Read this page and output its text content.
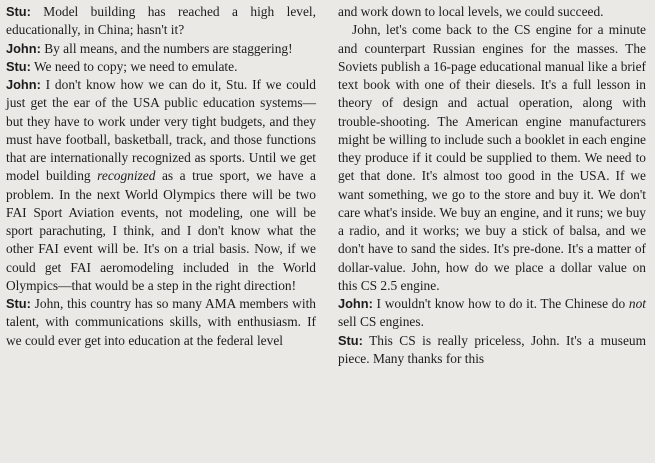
Stu: Model building has reached a high level, educationally, in China; hasn't it?

John: By all means, and the numbers are staggering!

Stu: We need to copy; we need to emulate.

John: I don't know how we can do it, Stu. If we could just get the ear of the USA public education systems—but they have to work under very tight budgets, and they must have football, basketball, track, and those functions that are internationally recognized as sports. Until we get model building recognized as a true sport, we have a problem. In the next World Olympics there will be two FAI Sport Aviation events, not modeling, one will be sport parachuting, I think, and I don't know what the other FAI event will be. It's on a trial basis. Now, if we could get FAI aeromodeling included in the World Olympics—that would be a step in the right direction!

Stu: John, this country has so many AMA members with talent, with communications skills, with enthusiasm. If we could ever get into education at the federal level

and work down to local levels, we could succeed.

John, let's come back to the CS engine for a minute and counterpart Russian engines for the masses. The Soviets publish a 16-page educational manual like a brief text book with one of their diesels. It's a full lesson in theory of design and actual operation, along with trouble-shooting. The American engine manufacturers might be willing to include such a booklet in each engine they produce if it could be supplied to them. We need to get that done. It's almost too good in the USA. If we want something, we go to the store and buy it. We don't care what's inside. We buy an engine, and it runs; we buy a radio, and it works; we buy a stick of balsa, and we don't have to sand the sides. It's pre-done. It's a matter of dollar-value. John, how do we place a dollar value on this CS 2.5 engine.

John: I wouldn't know how to do it. The Chinese do not sell CS engines.

Stu: This CS is really priceless, John. It's a museum piece. Many thanks for this
